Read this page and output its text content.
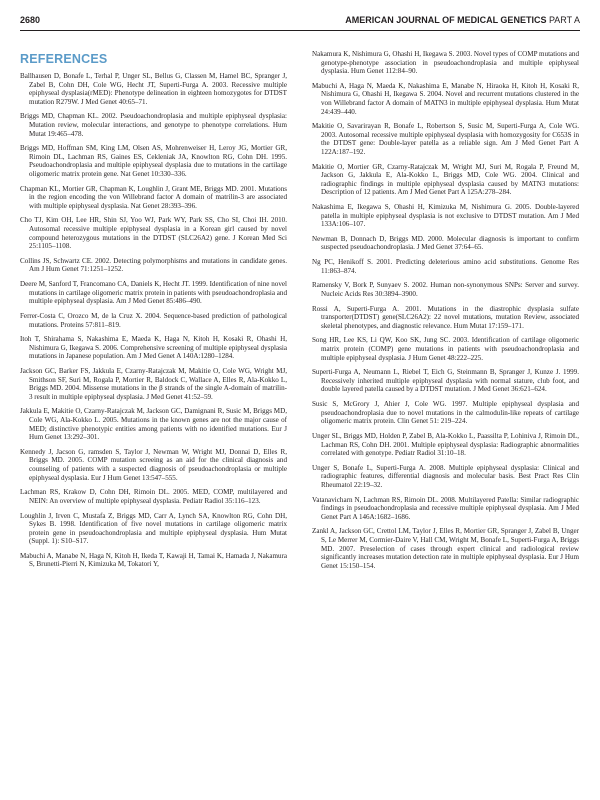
2680	AMERICAN JOURNAL OF MEDICAL GENETICS PART A
REFERENCES

Ballhausen D, Bonafe L, Terhal P, Unger SL, Bellus G, Classen M, Hamel BC, Spranger J, Zabel B, Cohn DH, Cole WG, Hecht JT, Superti-Furga A. 2003. Recessive multiple epiphyseal dysplasia(rMED): Phenotype delineation in eighteen homozygotes for DTDST mutation R279W. J Med Genet 40:65–71.

Briggs MD, Chapman KL. 2002. Pseudoachondroplasia and multiple epiphyseal dysplasia: Mutation review, molecular interactions, and genotype to phenotype correlations. Hum Mutat 19:465–478.

Briggs MD, Hoffman SM, King LM, Olsen AS, Mohrenweiser H, Leroy JG, Mortier GR, Rimoin DL, Lachman RS, Gaines ES, Cekleniak JA, Knowlton RG, Cohn DH. 1995. Pseudoachondroplasia and multiple epiphyseal dysplasia due to mutations in the cartilage oligomeric matrix protein gene. Nat Genet 10:330–336.

Chapman KL, Mortier GR, Chapman K, Loughlin J, Grant ME, Briggs MD. 2001. Mutations in the region encoding the von Willebrand factor A domain of matrilin-3 are associated with multiple epiphyseal dysplasia. Nat Genet 28:393–396.

Cho TJ, Kim OH, Lee HR, Shin SJ, Yoo WJ, Park WY, Park SS, Cho SI, Choi IH. 2010. Autosomal recessive multiple epiphyseal dysplasia in a Korean girl caused by novel compound heterozygous mutations in the DTDST (SLC26A2) gene. J Korean Med Sci 25:1105–1108.

Collins JS, Schwartz CE. 2002. Detecting polymorphisms and mutations in candidate genes. Am J Hum Genet 71:1251–1252.

Deere M, Sanford T, Francomano CA, Daniels K, Hecht JT. 1999. Identification of nine novel mutations in cartilage oligomeric matrix protein in patients with pseudoachondroplasia and multiple epiphyseal dysplasia. Am J Med Genet 85:486–490.

Ferrer-Costa C, Orozco M, de la Cruz X. 2004. Sequence-based prediction of pathological mutations. Proteins 57:811–819.

Itoh T, Shirahama S, Nakashima E, Maeda K, Haga N, Kitoh H, Kosaki R, Ohashi H, Nishimura G, Ikegawa S. 2006. Comprehensive screening of multiple epiphyseal dysplasia mutations in Japanese population. Am J Med Genet A 140A:1280–1284.

Jackson GC, Barker FS, Jakkula E, Czarny-Ratajczak M, Makitie O, Cole WG, Wright MJ, Smithson SF, Suri M, Rogala P, Mortier R, Baldock C, Wallace A, Elles R, Ala-Kokko L, Briggs MD. 2004. Missense mutations in the β strands of the single A-domain of matrilin-3 result in multiple epiphyseal dysplasia. J Med Genet 41:52–59.

Jakkula E, Makitie O, Czarny-Ratajczak M, Jackson GC, Damignani R, Susic M, Briggs MD, Cole WG, Ala-Kokko L. 2005. Mutations in the known genes are not the major cause of MED; distinctive phenotypic entities among patients with no identified mutations. Eur J Hum Genet 13:292–301.

Kennedy J, Jacson G, ramsden S, Taylor J, Newman W, Wright MJ, Donnai D, Elles R, Briggs MD. 2005. COMP mutation screeing as an aid for the clinical diagnosis and counseling of patients with a suspected diagnosis of pseudoachondroplasia or multiple epiphyseal dysplasia. Eur J Hum Genet 13:547–555.

Lachman RS, Krakow D, Cohn DH, Rimoin DL. 2005. MED, COMP, multilayered and NEIN: An overview of multiple epiphyseal dysplasia. Pediatr Radiol 35:116–123.

Loughlin J, Irven C, Mustafa Z, Briggs MD, Carr A, Lynch SA, Knowlton RG, Cohn DH, Sykes B. 1998. Identification of five novel mutations in cartilage oligomeric matrix protein gene in pseudoachondroplasia and multiple epiphyseal dysplasia. Hum Mutat (Suppl. 1): S10–S17.

Mabuchi A, Manabe N, Haga N, Kitoh H, Ikeda T, Kawaji H, Tamai K, Hamada J, Nakamura S, Brunetti-Pierri N, Kimizuka M, Tokatori Y,

Nakamura K, Nishimura G, Ohashi H, Ikegawa S. 2003. Novel types of COMP mutations and genotype-phenotype association in pseudoachondroplasia and multiple epiphyseal dysplasia. Hum Genet 112:84–90.

Mabuchi A, Haga N, Maeda K, Nakashima E, Manabe N, Hiraoka H, Kitoh H, Kosaki R, Nishimura G, Ohashi H, Ikegawa S. 2004. Novel and recurrent mutations clustered in the von Willebrand factor A domain of MATN3 in multiple epiphyseal dysplasia. Hum Mutat 24:439–440.

Makitie O, Savarirayan R, Bonafe L, Robertson S, Susic M, Superti-Furga A, Cole WG. 2003. Autosomal recessive multiple epiphyseal dysplasia with homozygosity for C653S in the DTDST gene: Double-layer patella as a reliable sign. Am J Med Genet Part A 122A:187–192.

Makitie O, Mortier GR, Czarny-Ratajczak M, Wright MJ, Suri M, Rogala P, Freund M, Jackson G, Jakkula E, Ala-Kokko L, Briggs MD, Cole WG. 2004. Clinical and radiographic findings in multiple epiphyseal dysplasia caused by MATN3 mutations: Description of 12 patients. Am J Med Genet Part A 125A:278–284.

Nakashima E, Ikegawa S, Ohashi H, Kimizuka M, Nishimura G. 2005. Double-layered patella in multiple epiphyseal dysplasia is not exclusive to DTDST mutation. Am J Med 133A:106–107.

Newman B, Donnach D, Briggs MD. 2000. Molecular diagnosis is important to confirm suspected pseudoachondroplasia. J Med Genet 37:64–65.

Ng PC, Henikoff S. 2001. Predicting deleterious amino acid substitutions. Genome Res 11:863–874.

Ramensky V, Bork P, Sunyaev S. 2002. Human non-synonymous SNPs: Server and survey. Nucleic Acids Res 30:3894–3900.

Rossi A, Superti-Furga A. 2001. Mutations in the diastrophic dysplasia sulfate transporter(DTDST) gene(SLC26A2): 22 novel mutations, mutation Review, associated skeletal phenotypes, and diagnostic relevance. Hum Mutat 17:159–171.

Song HR, Lee KS, Li QW, Koo SK, Jung SC. 2003. Identification of cartilage oligomeric matrix protein (COMP) gene mutations in patients with pseudoachondroplasia and multiple epiphyseal dysplasia. J Hum Genet 48:222–225.

Superti-Furga A, Neumann L, Riebel T, Eich G, Steinmann B, Spranger J, Kunze J. 1999. Recessively inherited multiple epiphyseal dysplasia with normal stature, club foot, and double layered patella caused by a DTDST mutation. J Med Genet 36:621–624.

Susic S, McGrory J, Ahier J, Cole WG. 1997. Multiple epiphyseal dysplasia and pseudoachondroplasia due to novel mutations in the calmodulin-like repeats of cartilage oligomeric matrix protein. Clin Genet 51: 219–224.

Unger SL, Briggs MD, Holden P, Zabel B, Ala-Kokko L, Paassilta P, Lohiniva J, Rimoin DL, Lachman RS, Cohn DH. 2001. Multiple epiphyseal dysplasia: Radiographic abnormalities correlated with genotype. Pediatr Radiol 31:10–18.

Unger S, Bonafe L, Superti-Furga A. 2008. Multiple epiphyseal dysplasia: Clinical and radiographic features, differential diagnosis and molecular basis. Best Pract Res Clin Rheumatol 22:19–32.

Vatanavicharn N, Lachman RS, Rimoin DL. 2008. Multilayered Patella: Similar radiographic findings in pseudoachondroplasia and recessive multiple epiphyseal dysplasia. Am J Med Genet Part A 146A:1682–1686.

Zankl A, Jackson GC, Crettol LM, Taylor J, Elles R, Mortier GR, Spranger J, Zabel B, Unger S, Le Merrer M, Cormier-Daire V, Hall CM, Wright M, Bonafe L, Superti-Furga A, Briggs MD. 2007. Preselection of cases through expert clinical and radiological review significantly increases mutation detection rate in multiple epiphyseal dysplasia. Eur J Hum Genet 15:150–154.
